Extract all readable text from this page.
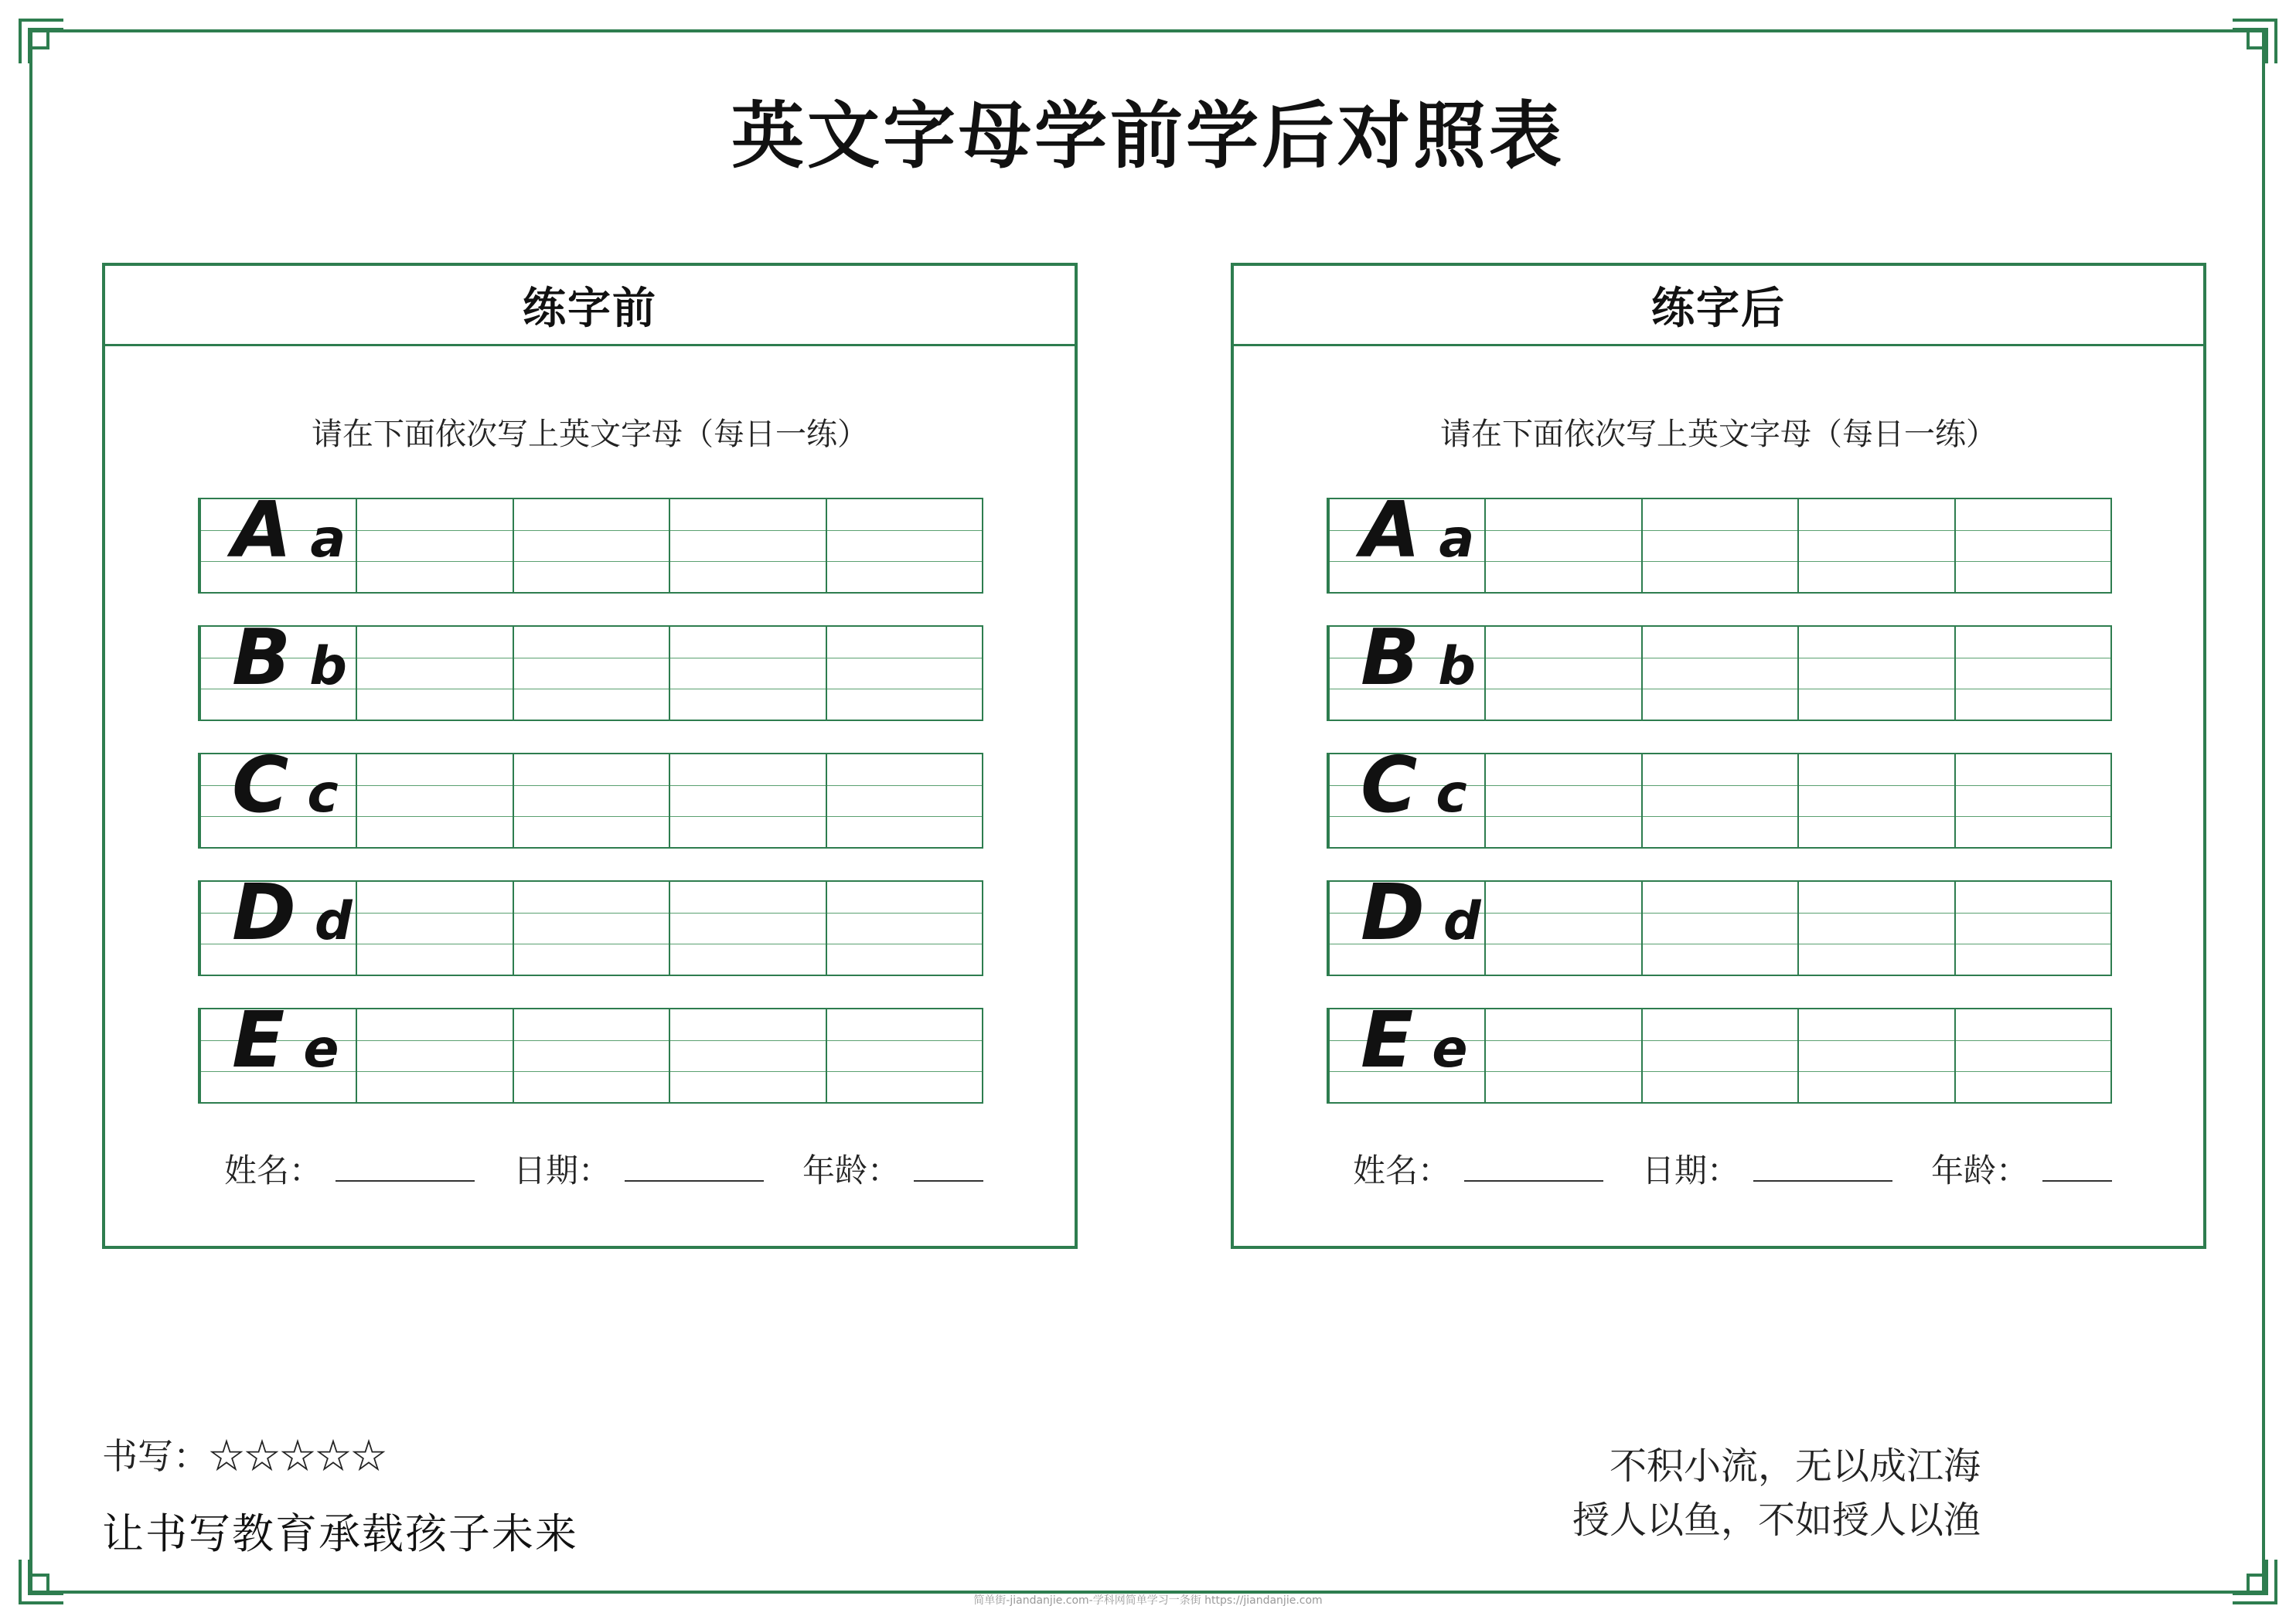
英文字母学前学后对照表
练字前
请在下面依次写上英文字母（每日一练）
A a
B b
C c
D d
E e
姓名：	日期：	年龄：
练字后
请在下面依次写上英文字母（每日一练）
A a
B b
C c
D d
E e
姓名：	日期：	年龄：
书写：☆☆☆☆☆
让书写教育承载孩子未来
不积小流，无以成江海
授人以鱼，不如授人以渔
简单街-jiandanjie.com-学科网简单学习一条街 https://jiandanjie.com
